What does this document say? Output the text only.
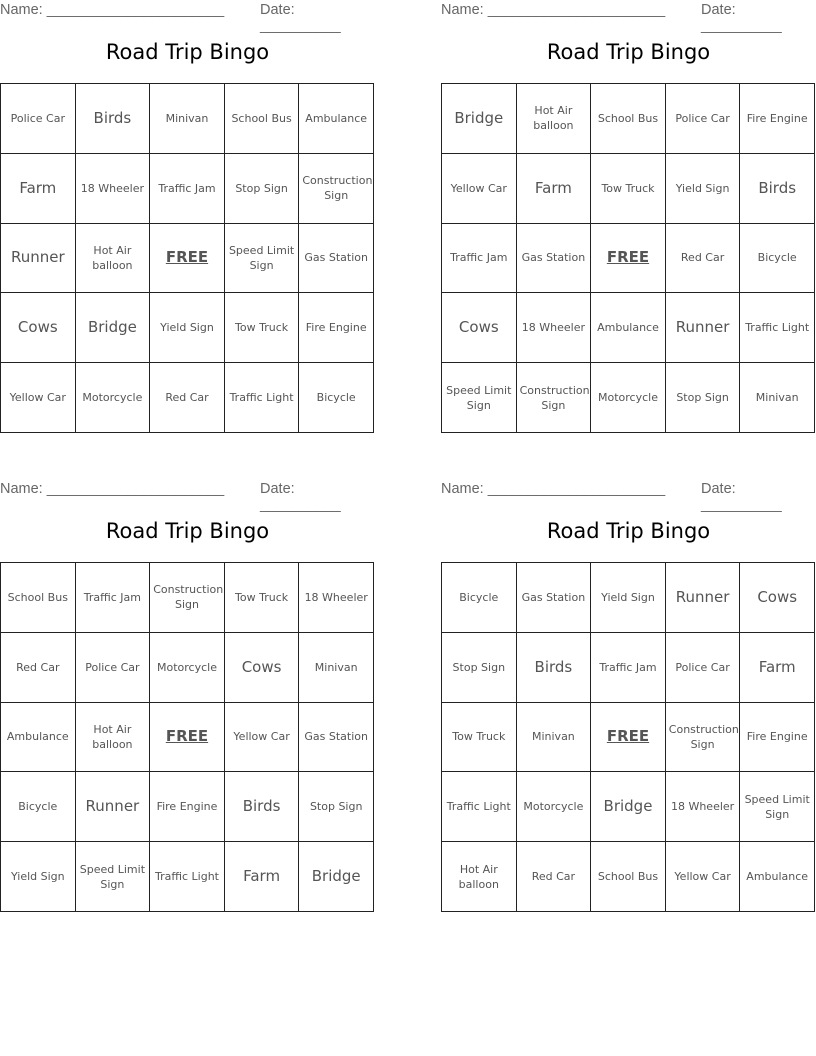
Name: ______________________ Date: __________
Road Trip Bingo
Police Car	Birds	Minivan	School Bus	Ambulance
Farm	18 Wheeler	Traffic Jam	Stop Sign	Construction Sign
Runner	Hot Air balloon	FREE	Speed Limit Sign	Gas Station
Cows	Bridge	Yield Sign	Tow Truck	Fire Engine
Yellow Car	Motorcycle	Red Car	Traffic Light	Bicycle
Name: ______________________ Date: __________
Road Trip Bingo
Bridge	Hot Air balloon	School Bus	Police Car	Fire Engine
Yellow Car	Farm	Tow Truck	Yield Sign	Birds
Traffic Jam	Gas Station	FREE	Red Car	Bicycle
Cows	18 Wheeler	Ambulance	Runner	Traffic Light
Speed Limit Sign	Construction Sign	Motorcycle	Stop Sign	Minivan
Name: ______________________ Date: __________
Road Trip Bingo
School Bus	Traffic Jam	Construction Sign	Tow Truck	18 Wheeler
Red Car	Police Car	Motorcycle	Cows	Minivan
Ambulance	Hot Air balloon	FREE	Yellow Car	Gas Station
Bicycle	Runner	Fire Engine	Birds	Stop Sign
Yield Sign	Speed Limit Sign	Traffic Light	Farm	Bridge
Name: ______________________ Date: __________
Road Trip Bingo
Bicycle	Gas Station	Yield Sign	Runner	Cows
Stop Sign	Birds	Traffic Jam	Police Car	Farm
Tow Truck	Minivan	FREE	Construction Sign	Fire Engine
Traffic Light	Motorcycle	Bridge	18 Wheeler	Speed Limit Sign
Hot Air balloon	Red Car	School Bus	Yellow Car	Ambulance
